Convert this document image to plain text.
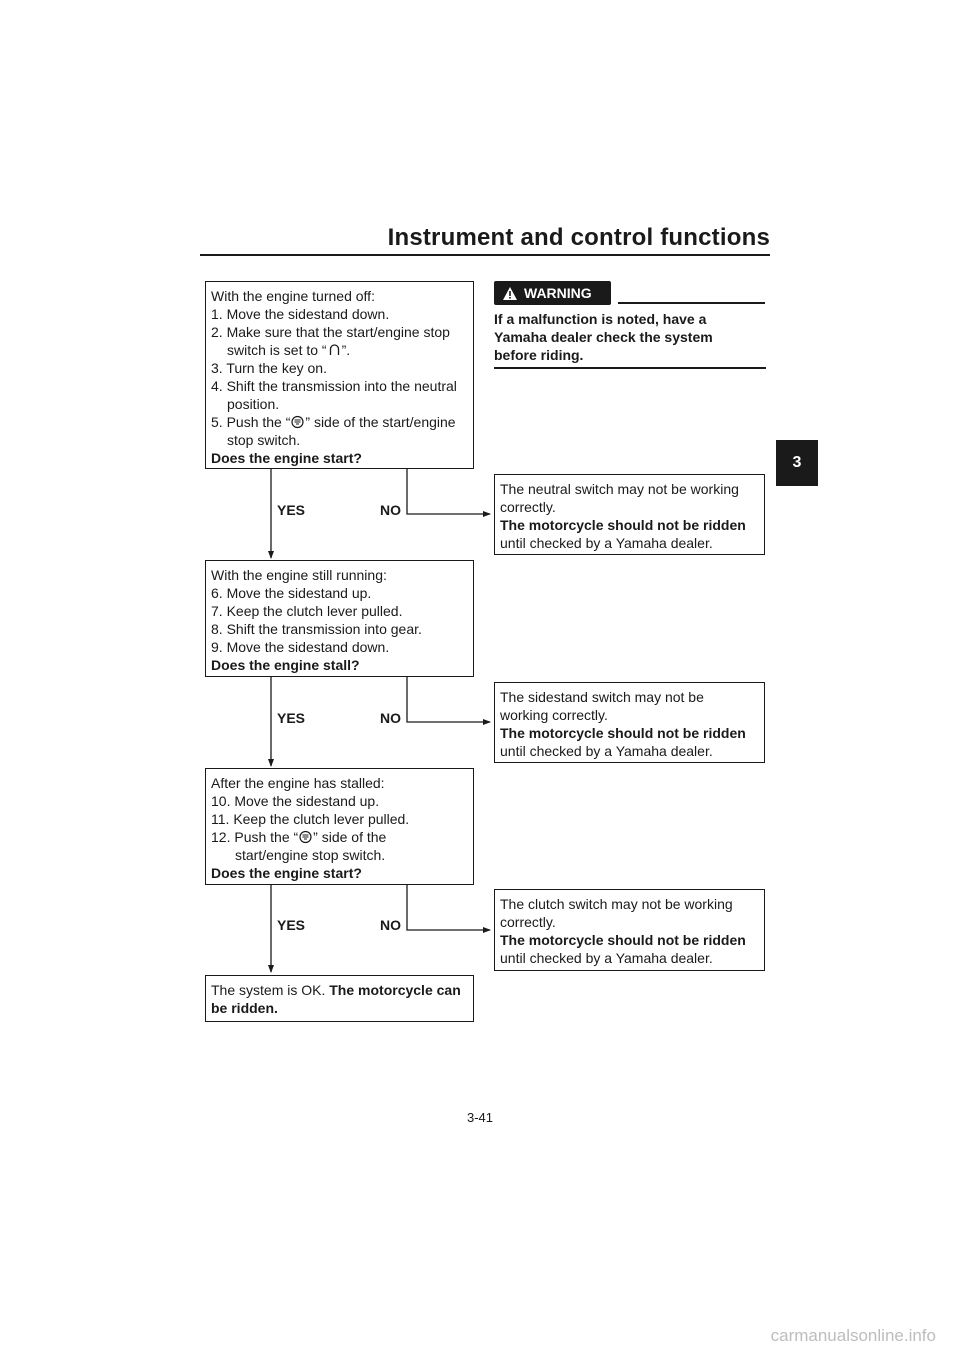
Instrument and control functions
3
With the engine turned off:
1. Move the sidestand down.
2. Make sure that the start/engine stop
switch is set to “ ”.
3. Turn the key on.
4. Shift the transmission into the neutral
position.
5. Push the “ ” side of the start/engine
stop switch.
Does the engine start?
YES	NO
The neutral switch may not be working
correctly.
The motorcycle should not be ridden
until checked by a Yamaha dealer.
With the engine still running:
6. Move the sidestand up.
7. Keep the clutch lever pulled.
8. Shift the transmission into gear.
9. Move the sidestand down.
Does the engine stall?
YES	NO
The sidestand switch may not be
working correctly.
The motorcycle should not be ridden
until checked by a Yamaha dealer.
After the engine has stalled:
10. Move the sidestand up.
11. Keep the clutch lever pulled.
12. Push the “ ” side of the
start/engine stop switch.
Does the engine start?
YES	NO
The clutch switch may not be working
correctly.
The motorcycle should not be ridden
until checked by a Yamaha dealer.
The system is OK. The motorcycle can be ridden.
WARNING
If a malfunction is noted, have a
Yamaha dealer check the system
before riding.
3-41
carmanualsonline.info
